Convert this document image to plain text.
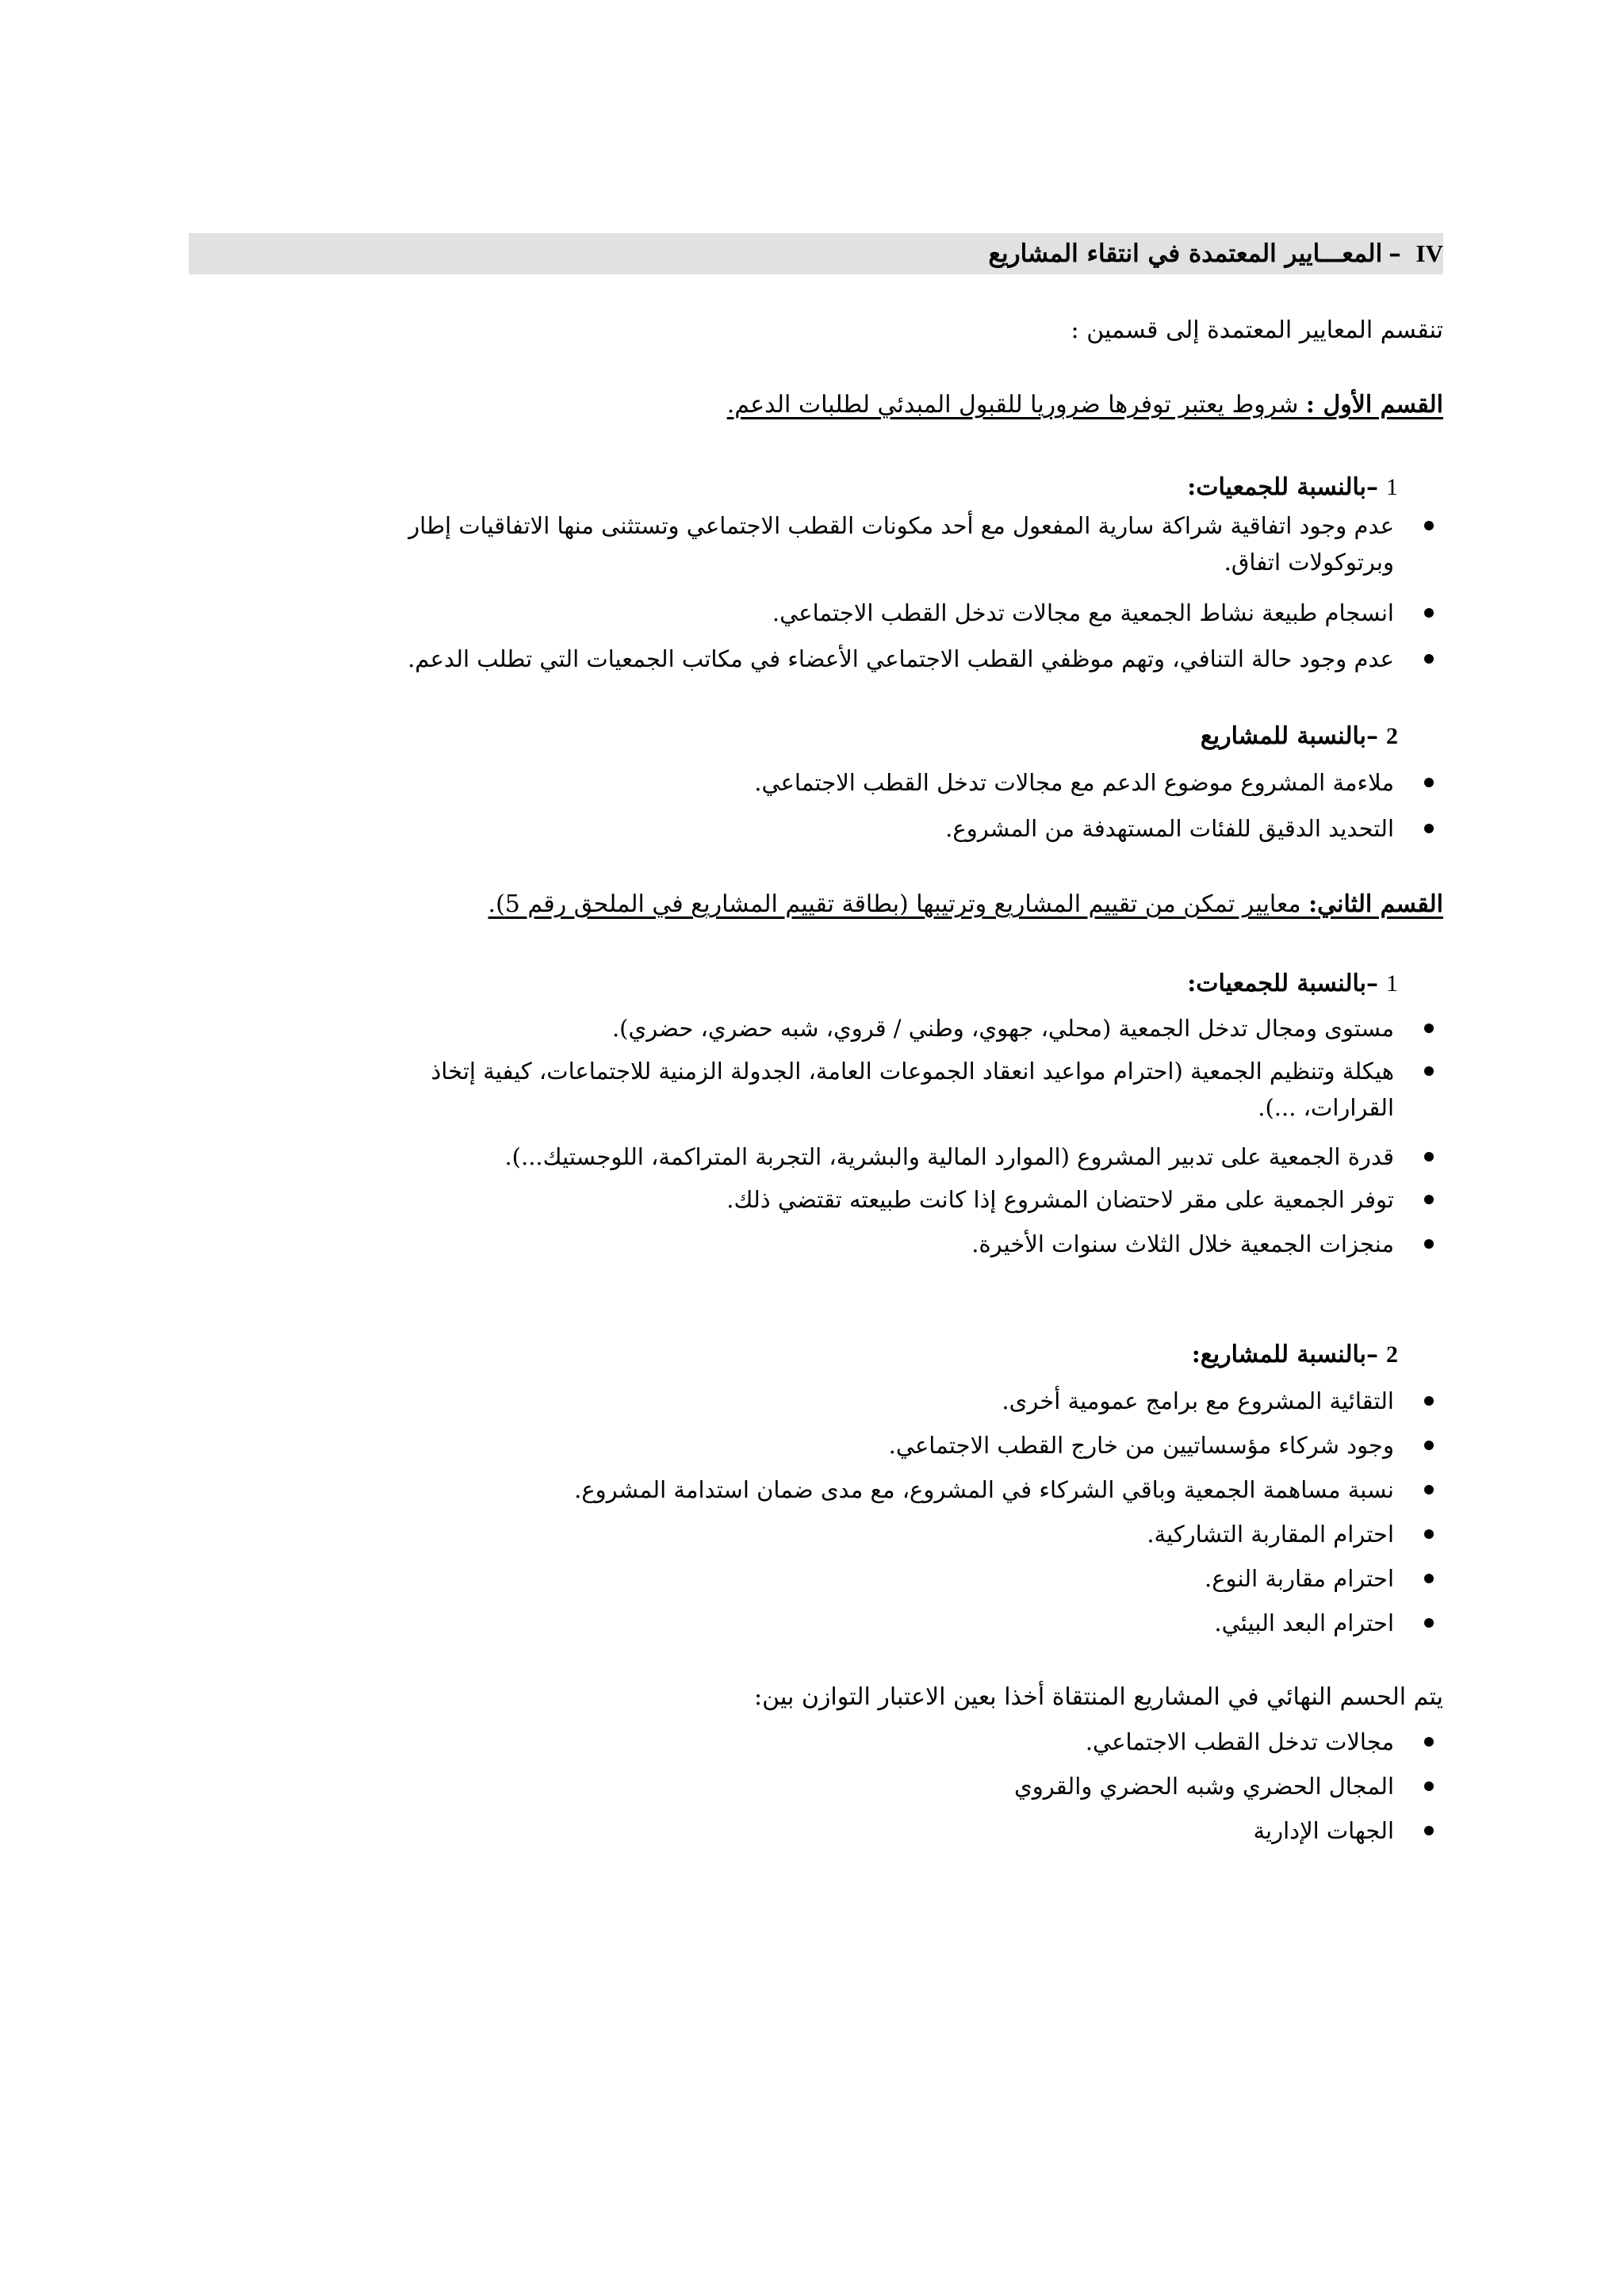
IV –المعـــايير المعتمدة في انتقاء المشاريع
تنقسم المعايير المعتمدة إلى قسمين :
القسم الأول : شروط يعتبر توفرها ضروريا للقبول المبدئي لطلبات الدعم.
1–بالنسبة للجمعيات:
عدم وجود اتفاقية شراكة سارية المفعول مع أحد مكونات القطب الاجتماعي وتستثنى منها الاتفاقيات إطار
وبرتوكولات اتفاق.
انسجام طبيعة نشاط الجمعية مع مجالات تدخل القطب الاجتماعي.
عدم وجود حالة التنافي، وتهم موظفي القطب الاجتماعي الأعضاء في مكاتب الجمعيات التي تطلب الدعم.
2–بالنسبة للمشاريع
ملاءمة المشروع موضوع الدعم مع مجالات تدخل القطب الاجتماعي.
التحديد الدقيق للفئات المستهدفة من المشروع.
القسم الثاني: معايير تمكن من تقييم المشاريع وترتيبها (بطاقة تقييم المشاريع في الملحق رقم 5).
1–بالنسبة للجمعيات:
مستوى ومجال تدخل الجمعية (محلي، جهوي، وطني / قروي، شبه حضري، حضري).
هيكلة وتنظيم الجمعية (احترام مواعيد انعقاد الجموعات العامة، الجدولة الزمنية للاجتماعات، كيفية إتخاذ
القرارات، ...).
قدرة الجمعية على تدبير المشروع (الموارد المالية والبشرية، التجربة المتراكمة، اللوجستيك...).
توفر الجمعية على مقر لاحتضان المشروع إذا كانت طبيعته تقتضي ذلك.
منجزات الجمعية خلال الثلاث سنوات الأخيرة.
2–بالنسبة للمشاريع:
التقائية المشروع مع برامج عمومية أخرى.
وجود شركاء مؤسساتيين من خارج القطب الاجتماعي.
نسبة مساهمة الجمعية وباقي الشركاء في المشروع، مع مدى ضمان استدامة المشروع.
احترام المقاربة التشاركية.
احترام مقاربة النوع.
احترام البعد البيئي.
يتم الحسم النهائي في المشاريع المنتقاة أخذا بعين الاعتبار التوازن بين:
مجالات تدخل القطب الاجتماعي.
المجال الحضري وشبه الحضري والقروي
الجهات الإدارية
